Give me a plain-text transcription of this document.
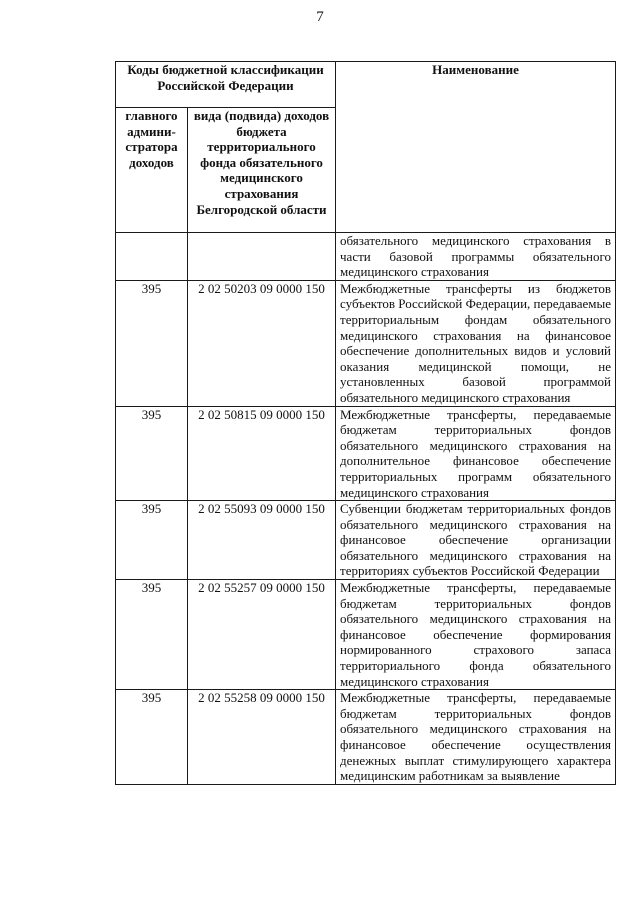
7
Коды бюджетной классификации Российской Федерации		Наименование
главного админи-стратора доходов	вида (подвида) доходов бюджета территориального фонда обязательного медицинского страхования Белгородской области	
		обязательного медицинского страхования в части базовой программы обязательного медицинского страхования
395	2 02 50203 09 0000 150	Межбюджетные трансферты из бюджетов субъектов Российской Федерации, передаваемые территориальным фондам обязательного медицинского страхования на финансовое обеспечение дополнительных видов и условий оказания медицинской помощи, не установленных базовой программой обязательного медицинского страхования
395	2 02 50815 09 0000 150	Межбюджетные трансферты, передаваемые бюджетам территориальных фондов обязательного медицинского страхования на дополнительное финансовое обеспечение территориальных программ обязательного медицинского страхования
395	2 02 55093 09 0000 150	Субвенции бюджетам территориальных фондов обязательного медицинского страхования на финансовое обеспечение организации обязательного медицинского страхования на территориях субъектов Российской Федерации
395	2 02 55257 09 0000 150	Межбюджетные трансферты, передаваемые бюджетам территориальных фондов обязательного медицинского страхования на финансовое обеспечение формирования нормированного страхового запаса территориального фонда обязательного медицинского страхования
395	2 02 55258 09 0000 150	Межбюджетные трансферты, передаваемые бюджетам территориальных фондов обязательного медицинского страхования на финансовое обеспечение осуществления денежных выплат стимулирующего характера медицинским работникам за выявление
